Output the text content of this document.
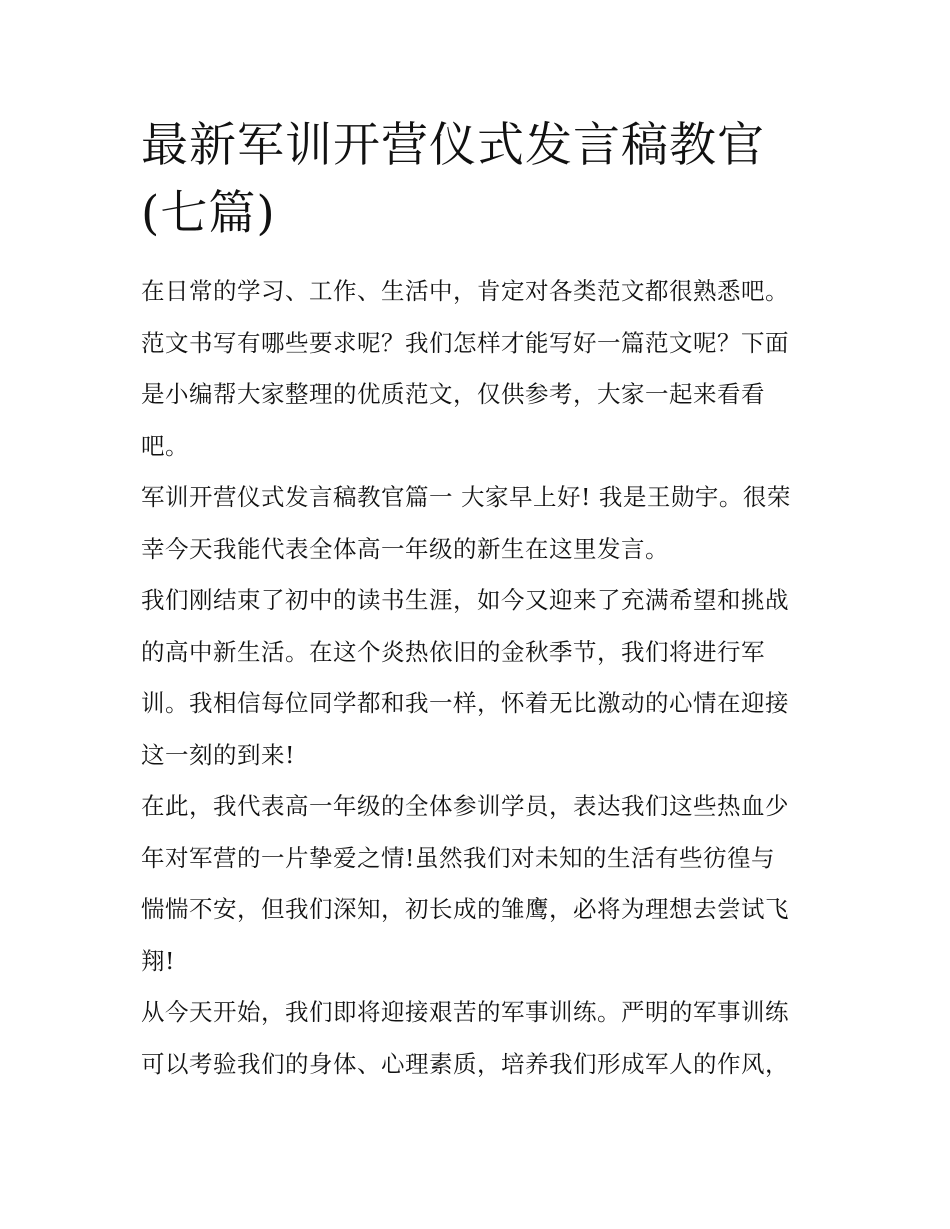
最新军训开营仪式发言稿教官
(七篇)

在日常的学习、工作、生活中，肯定对各类范文都很熟悉吧。
范文书写有哪些要求呢？我们怎样才能写好一篇范文呢？下面
是小编帮大家整理的优质范文，仅供参考，大家一起来看看
吧。

军训开营仪式发言稿教官篇一 大家早上好! 我是王勋宇。很荣
幸今天我能代表全体高一年级的新生在这里发言。

我们刚结束了初中的读书生涯，如今又迎来了充满希望和挑战
的高中新生活。在这个炎热依旧的金秋季节，我们将进行军
训。我相信每位同学都和我一样，怀着无比激动的心情在迎接
这一刻的到来!

在此，我代表高一年级的全体参训学员，表达我们这些热血少
年对军营的一片挚爱之情!虽然我们对未知的生活有些彷徨与
惴惴不安，但我们深知，初长成的雏鹰，必将为理想去尝试飞
翔!

从今天开始，我们即将迎接艰苦的军事训练。严明的军事训练
可以考验我们的身体、心理素质，培养我们形成军人的作风，
